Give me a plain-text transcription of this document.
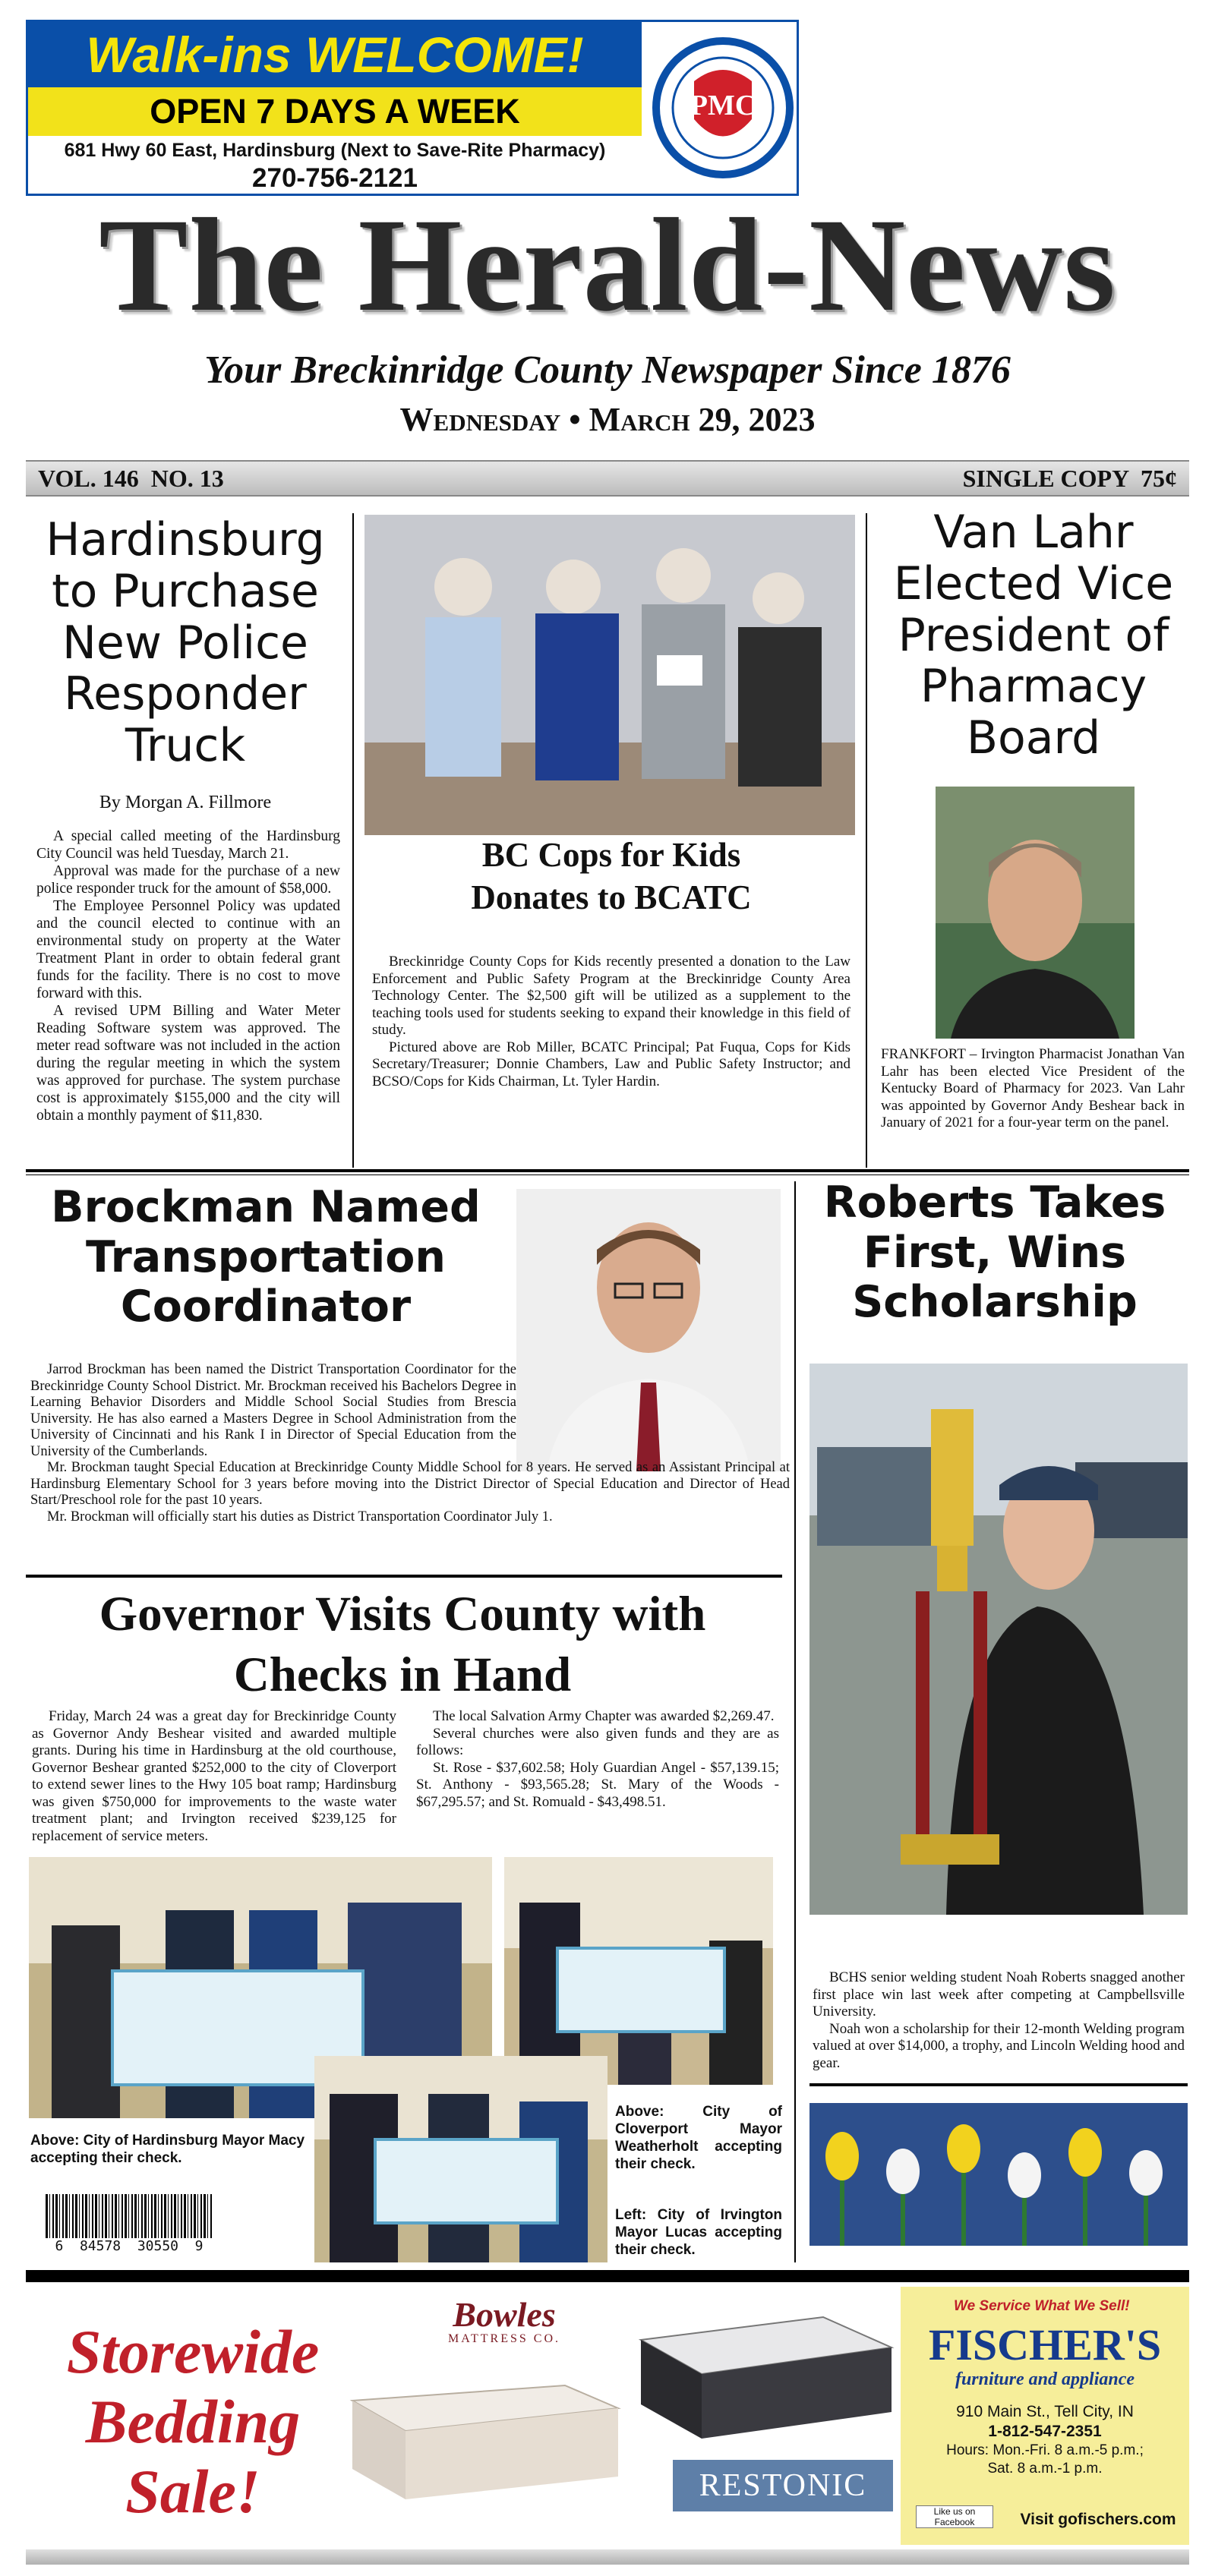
Walk-ins WELCOME!
OPEN 7 DAYS A WEEK
681 Hwy 60 East, Hardinsburg (Next to Save-Rite Pharmacy)
270-756-2121
PMC
The Herald-News
Your Breckinridge County Newspaper Since 1876
Wednesday • March 29, 2023
VOL. 146  NO. 13	SINGLE COPY  75¢
Hardinsburg to Purchase New Police Responder Truck
By Morgan A. Fillmore

A special called meeting of the Hardinsburg City Council was held Tuesday, March 21.

Approval was made for the purchase of a new police responder truck for the amount of $58,000.

The Employee Personnel Policy was updated and the council elected to continue with an environmental study on property at the Water Treatment Plant in order to obtain federal grant funds for the facility. There is no cost to move forward with this.

A revised UPM Billing and Water Meter Reading Software system was approved. The meter read software was not included in the action during the regular meeting in which the system was approved for purchase. The system purchase cost is approximately $155,000 and the city will obtain a monthly payment of $11,830.

BC Cops for Kids Donates to BCATC

Breckinridge County Cops for Kids recently presented a donation to the Law Enforcement and Public Safety Program at the Breckinridge County Area Technology Center. The $2,500 gift will be utilized as a supplement to the teaching tools used for students seeking to expand their knowledge in this field of study.

Pictured above are Rob Miller, BCATC Principal; Pat Fuqua, Cops for Kids Secretary/Treasurer; Donnie Chambers, Law and Public Safety Instructor; and BCSO/Cops for Kids Chairman, Lt. Tyler Hardin.

Van Lahr Elected Vice President of Pharmacy Board
FRANKFORT – Irvington Pharmacist Jonathan Van Lahr has been elected Vice President of the Kentucky Board of Pharmacy for 2023. Van Lahr was appointed by Governor Andy Beshear back in January of 2021 for a four-year term on the panel.
Brockman Named Transportation Coordinator

Jarrod Brockman has been named the District Transportation Coordinator for the Breckinridge County School District. Mr. Brockman received his Bachelors Degree in Learning Behavior Disorders and Middle School Social Studies from Brescia University. He has also earned a Masters Degree in School Administration from the University of Cincinnati and his Rank I in Director of Special Education from the University of the Cumberlands.

Mr. Brockman taught Special Education at Breckinridge County Middle School for 8 years. He served as an Assistant Principal at Hardinsburg Elementary School for 3 years before moving into the District Director of Special Education and Director of Head Start/Preschool role for the past 10 years.

Mr. Brockman will officially start his duties as District Transportation Coordinator July 1.

Roberts Takes First, Wins Scholarship

BCHS senior welding student Noah Roberts snagged another first place win last week after competing at Campbellsville University.

Noah won a scholarship for their 12-month Welding program valued at over $14,000, a trophy, and Lincoln Welding hood and gear.

Governor Visits County with Checks in Hand
Friday, March 24 was a great day for Breckinridge County as Governor Andy Beshear visited and awarded multiple grants. During his time in Hardinsburg at the old courthouse, Governor Beshear granted $252,000 to the city of Cloverport to extend sewer lines to the Hwy 105 boat ramp; Hardinsburg was given $750,000 for improvements to the waste water treatment plant; and Irvington received $239,125 for replacement of service meters.

The local Salvation Army Chapter was awarded $2,269.47.

Several churches were also given funds and they are as follows:

St. Rose - $37,602.58; Holy Guardian Angel - $57,139.15; St. Anthony - $93,565.28; St. Mary of the Woods - $67,295.57; and St. Romuald - $43,498.51.

Above: City of Hardinsburg Mayor Macy accepting their check.
6  84578  30550  9
Above: City of Cloverport Mayor Weatherholt accepting their check.
Left: City of Irvington Mayor Lucas accepting their check.
Storewide Bedding Sale!
Bowles
MATTRESS CO.
RESTONIC
We Service What We Sell!
FISCHER'S
furniture and appliance
910 Main St., Tell City, IN
1-812-547-2351
Hours: Mon.-Fri. 8 a.m.-5 p.m.;
Sat. 8 a.m.-1 p.m.
Like us on Facebook	Visit gofischers.com
